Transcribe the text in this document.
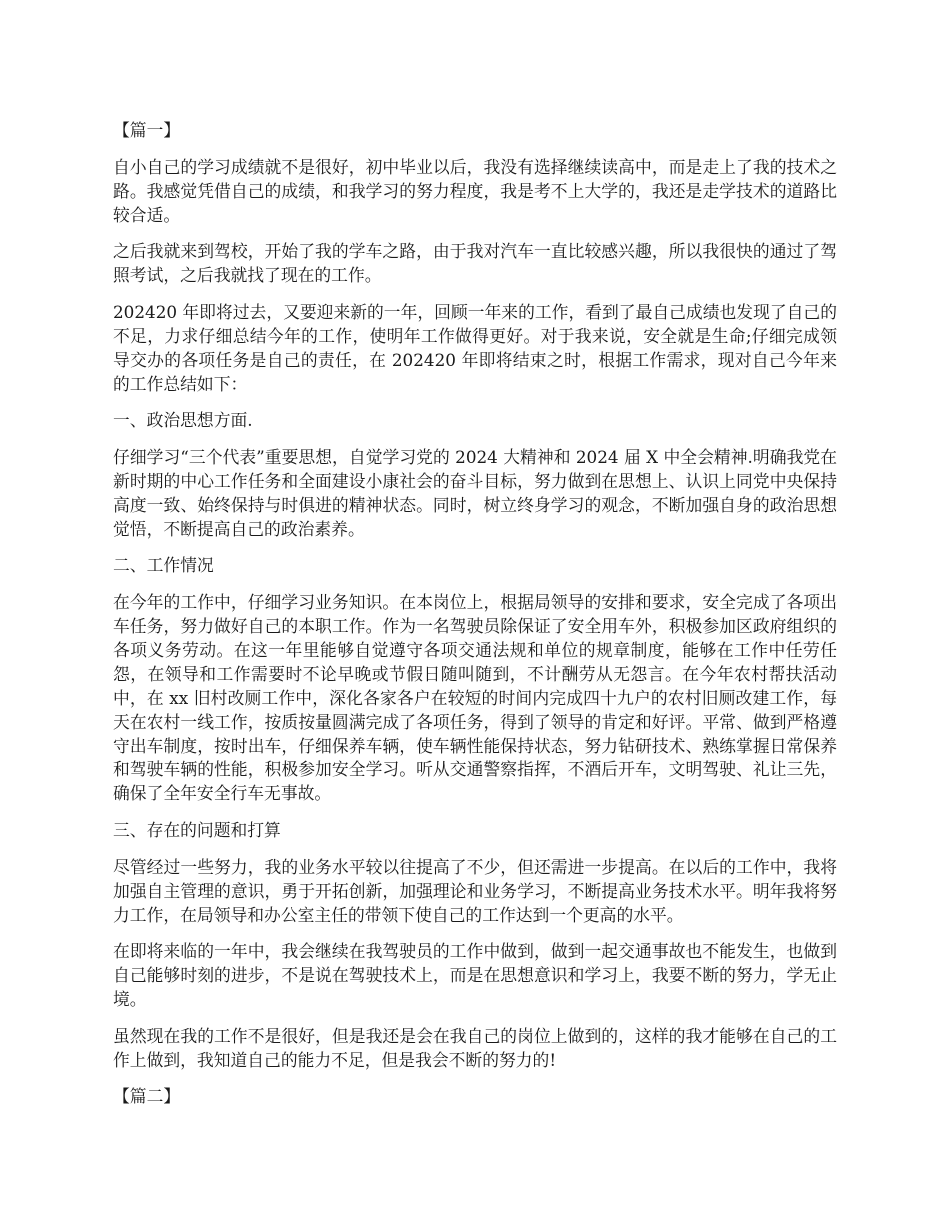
【篇一】

自小自己的学习成绩就不是很好，初中毕业以后，我没有选择继续读高中，而是走上了我的技术之路。我感觉凭借自己的成绩，和我学习的努力程度，我是考不上大学的，我还是走学技术的道路比较合适。

之后我就来到驾校，开始了我的学车之路，由于我对汽车一直比较感兴趣，所以我很快的通过了驾照考试，之后我就找了现在的工作。

202420 年即将过去，又要迎来新的一年，回顾一年来的工作，看到了最自己成绩也发现了自己的不足，力求仔细总结今年的工作，使明年工作做得更好。对于我来说，安全就是生命;仔细完成领导交办的各项任务是自己的责任，在 202420 年即将结束之时，根据工作需求，现对自己今年来的工作总结如下：

一、政治思想方面.

仔细学习“三个代表”重要思想，自觉学习党的 2024 大精神和 2024 届 X 中全会精神.明确我党在新时期的中心工作任务和全面建设小康社会的奋斗目标，努力做到在思想上、认识上同党中央保持高度一致、始终保持与时俱进的精神状态。同时，树立终身学习的观念，不断加强自身的政治思想觉悟，不断提高自己的政治素养。

二、工作情况

在今年的工作中，仔细学习业务知识。在本岗位上，根据局领导的安排和要求，安全完成了各项出车任务，努力做好自己的本职工作。作为一名驾驶员除保证了安全用车外，积极参加区政府组织的各项义务劳动。在这一年里能够自觉遵守各项交通法规和单位的规章制度，能够在工作中任劳任怨，在领导和工作需要时不论早晚或节假日随叫随到，不计酬劳从无怨言。在今年农村帮扶活动中，在 xx 旧村改厕工作中，深化各家各户在较短的时间内完成四十九户的农村旧厕改建工作，每天在农村一线工作，按质按量圆满完成了各项任务，得到了领导的肯定和好评。平常、做到严格遵守出车制度，按时出车，仔细保养车辆，使车辆性能保持状态，努力钻研技术、熟练掌握日常保养和驾驶车辆的性能，积极参加安全学习。听从交通警察指挥，不酒后开车，文明驾驶、礼让三先，确保了全年安全行车无事故。

三、存在的问题和打算

尽管经过一些努力，我的业务水平较以往提高了不少，但还需进一步提高。在以后的工作中，我将加强自主管理的意识，勇于开拓创新，加强理论和业务学习，不断提高业务技术水平。明年我将努力工作，在局领导和办公室主任的带领下使自己的工作达到一个更高的水平。

在即将来临的一年中，我会继续在我驾驶员的工作中做到，做到一起交通事故也不能发生，也做到自己能够时刻的进步，不是说在驾驶技术上，而是在思想意识和学习上，我要不断的努力，学无止境。

虽然现在我的工作不是很好，但是我还是会在我自己的岗位上做到的，这样的我才能够在自己的工作上做到，我知道自己的能力不足，但是我会不断的努力的!

【篇二】
